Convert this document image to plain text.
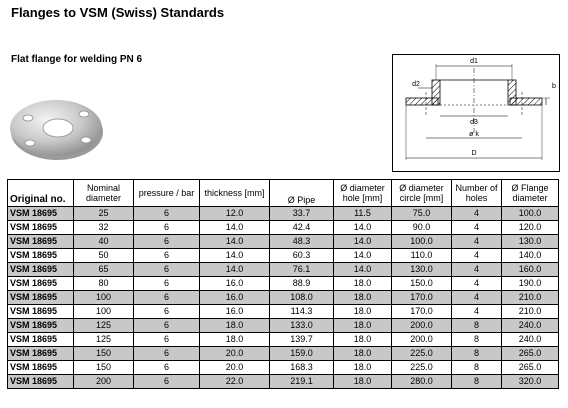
Flanges to VSM (Swiss) Standards
Flat flange for welding PN 6	d1
d2	b
d3
ø k
D
Original no.	Nominal diameter	pressure / bar	thickness [mm]	Ø Pipe	Ø diameter hole [mm]	Ø diameter circle [mm]	Number of holes	Ø Flange diameter
VSM 18695	25	6	12.0	33.7	11.5	75.0	4	100.0
VSM 18695	32	6	14.0	42.4	14.0	90.0	4	120.0
VSM 18695	40	6	14.0	48.3	14.0	100.0	4	130.0
VSM 18695	50	6	14.0	60.3	14.0	110.0	4	140.0
VSM 18695	65	6	14.0	76.1	14.0	130.0	4	160.0
VSM 18695	80	6	16.0	88.9	18.0	150.0	4	190.0
VSM 18695	100	6	16.0	108.0	18.0	170.0	4	210.0
VSM 18695	100	6	16.0	114.3	18.0	170.0	4	210.0
VSM 18695	125	6	18.0	133.0	18.0	200.0	8	240.0
VSM 18695	125	6	18.0	139.7	18.0	200.0	8	240.0
VSM 18695	150	6	20.0	159.0	18.0	225.0	8	265.0
VSM 18695	150	6	20.0	168.3	18.0	225.0	8	265.0
VSM 18695	200	6	22.0	219.1	18.0	280.0	8	320.0
